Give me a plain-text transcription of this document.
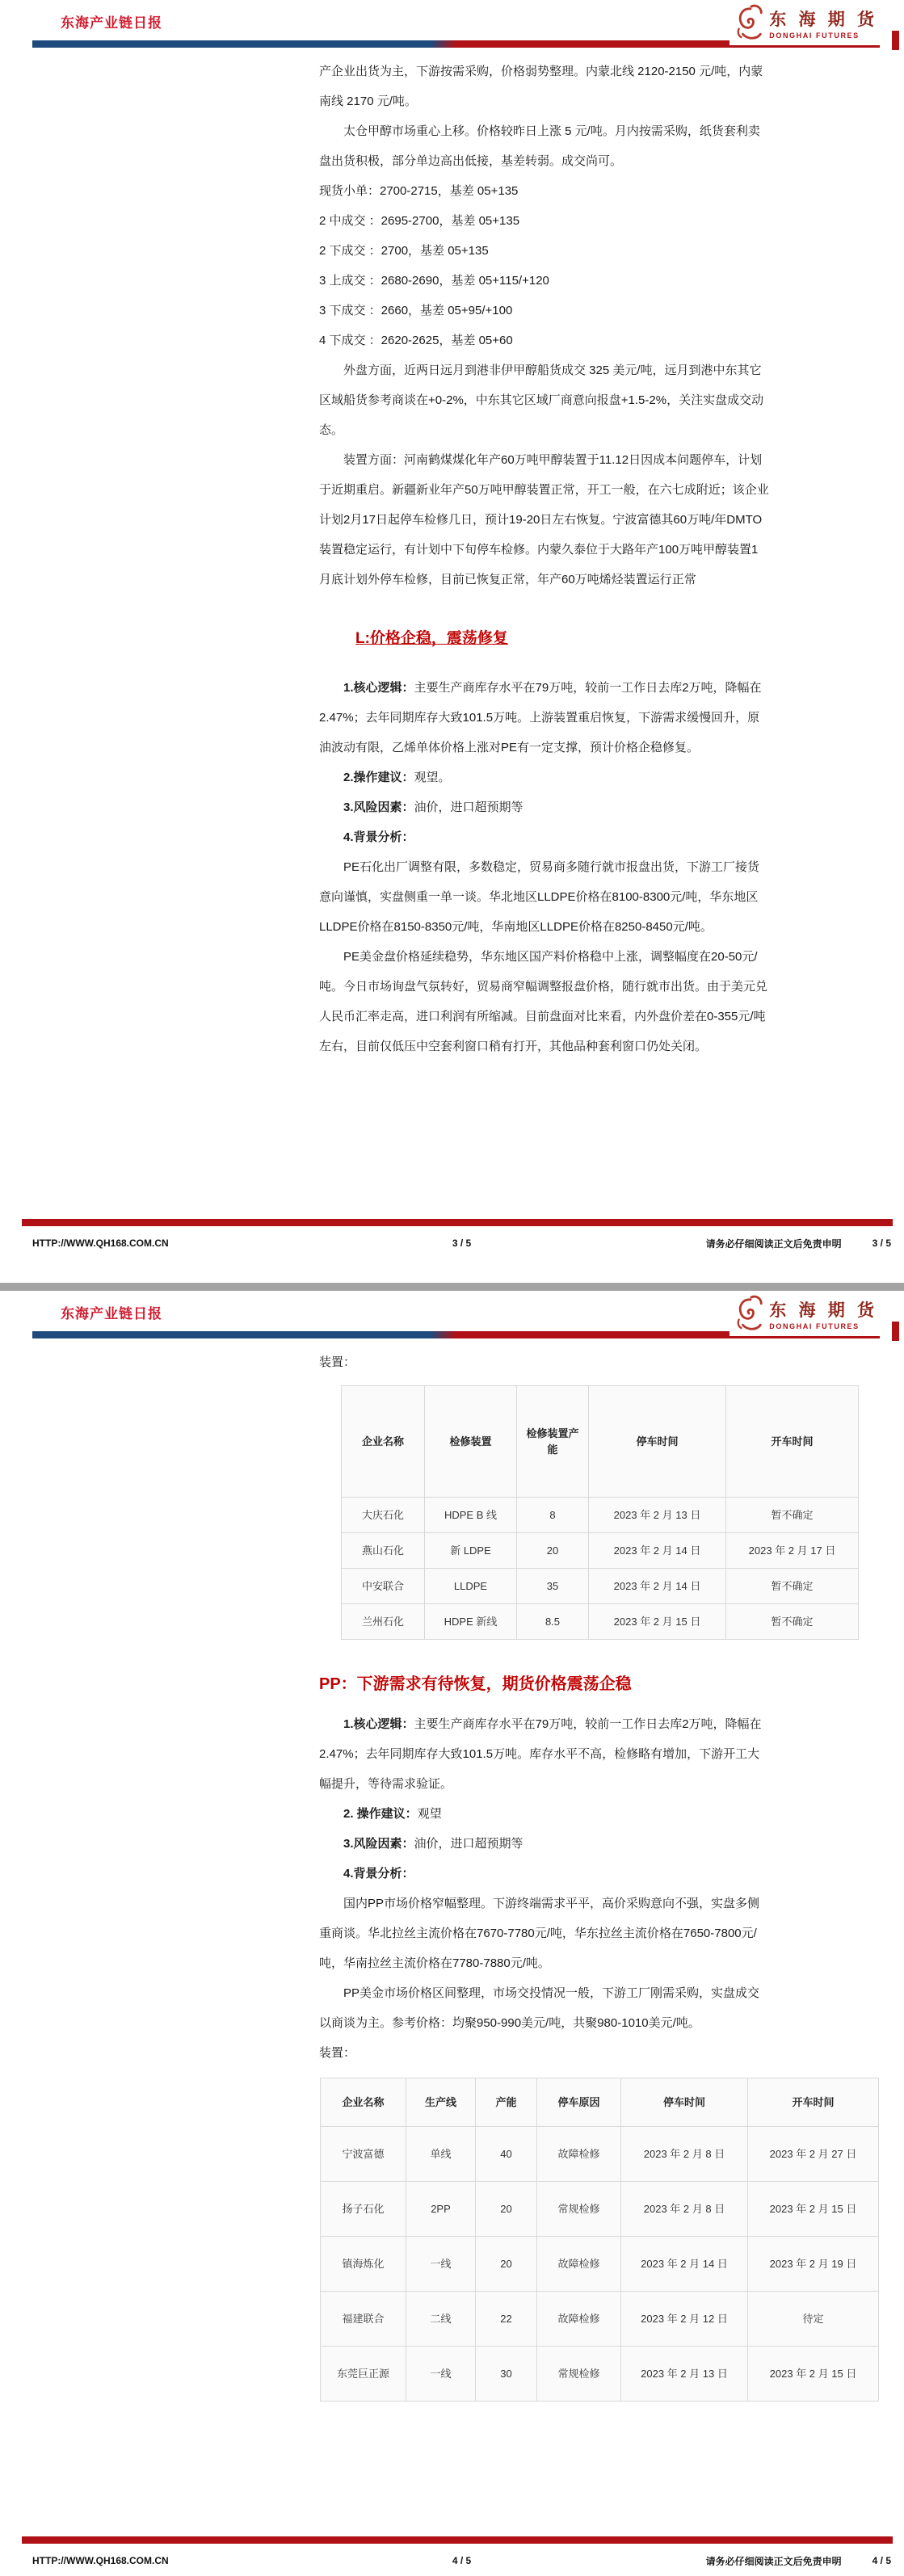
东海产业链日报	东 海 期 货
DONGHAI FUTURES

产企业出货为主，下游按需采购，价格弱势整理。内蒙北线 2120-2150 元/吨，内蒙南线 2170 元/吨。

太仓甲醇市场重心上移。价格较昨日上涨 5 元/吨。月内按需采购，纸货套利卖盘出货积极，部分单边高出低接，基差转弱。成交尚可。

现货小单：2700-2715，基差 05+135

2 中成交 ：2695-2700，基差 05+135

2 下成交 ：2700，基差 05+135

3 上成交 ：2680-2690，基差 05+115/+120

3 下成交 ：2660，基差 05+95/+100

4 下成交 ：2620-2625，基差 05+60

外盘方面，近两日远月到港非伊甲醇船货成交 325 美元/吨，远月到港中东其它区域船货参考商谈在+0-2%，中东其它区域厂商意向报盘+1.5-2%，关注实盘成交动态。

装置方面：河南鹤煤煤化年产60万吨甲醇装置于11.12日因成本问题停车，计划于近期重启。新疆新业年产50万吨甲醇装置正常，开工一般，在六七成附近；该企业计划2月17日起停车检修几日，预计19-20日左右恢复。宁波富德其60万吨/年DMTO装置稳定运行，有计划中下旬停车检修。内蒙久泰位于大路年产100万吨甲醇装置1月底计划外停车检修，目前已恢复正常，年产60万吨烯烃装置运行正常

L:价格企稳，震荡修复

1.核心逻辑：主要生产商库存水平在79万吨，较前一工作日去库2万吨，降幅在2.47%；去年同期库存大致101.5万吨。上游装置重启恢复，下游需求缓慢回升，原油波动有限，乙烯单体价格上涨对PE有一定支撑，预计价格企稳修复。

2.操作建议：观望。

3.风险因素：油价，进口超预期等

4.背景分析：

PE石化出厂调整有限，多数稳定，贸易商多随行就市报盘出货，下游工厂接货意向谨慎，实盘侧重一单一谈。华北地区LLDPE价格在8100-8300元/吨，华东地区LLDPE价格在8150-8350元/吨，华南地区LLDPE价格在8250-8450元/吨。

PE美金盘价格延续稳势，华东地区国产料价格稳中上涨，调整幅度在20-50元/吨。今日市场询盘气氛转好，贸易商窄幅调整报盘价格，随行就市出货。由于美元兑人民币汇率走高，进口利润有所缩减。目前盘面对比来看，内外盘价差在0-355元/吨左右，目前仅低压中空套利窗口稍有打开，其他品种套利窗口仍处关闭。

HTTP://WWW.QH168.COM.CN	3 / 5	请务必仔细阅读正文后免责申明	3 / 5
东海产业链日报	东 海 期 货
DONGHAI FUTURES

装置：

企业名称	检修装置	检修装置产能	停车时间	开车时间
大庆石化	HDPE B 线	8	2023 年 2 月 13 日	暂不确定
燕山石化	新 LDPE	20	2023 年 2 月 14 日	2023 年 2 月 17 日
中安联合	LLDPE	35	2023 年 2 月 14 日	暂不确定
兰州石化	HDPE 新线	8.5	2023 年 2 月 15 日	暂不确定
PP：下游需求有待恢复，期货价格震荡企稳

1.核心逻辑：主要生产商库存水平在79万吨，较前一工作日去库2万吨，降幅在2.47%；去年同期库存大致101.5万吨。库存水平不高，检修略有增加，下游开工大幅提升，等待需求验证。

2. 操作建议：观望

3.风险因素：油价，进口超预期等

4.背景分析：

国内PP市场价格窄幅整理。下游终端需求平平，高价采购意向不强，实盘多侧重商谈。华北拉丝主流价格在7670-7780元/吨，华东拉丝主流价格在7650-7800元/吨，华南拉丝主流价格在7780-7880元/吨。

PP美金市场价格区间整理，市场交投情况一般，下游工厂刚需采购，实盘成交以商谈为主。参考价格：均聚950-990美元/吨，共聚980-1010美元/吨。

装置：

企业名称	生产线	产能	停车原因	停车时间	开车时间
宁波富德	单线	40	故障检修	2023 年 2 月 8 日	2023 年 2 月 27 日
扬子石化	2PP	20	常规检修	2023 年 2 月 8 日	2023 年 2 月 15 日
镇海炼化	一线	20	故障检修	2023 年 2 月 14 日	2023 年 2 月 19 日
福建联合	二线	22	故障检修	2023 年 2 月 12 日	待定
东莞巨正源	一线	30	常规检修	2023 年 2 月 13 日	2023 年 2 月 15 日
HTTP://WWW.QH168.COM.CN	4 / 5	请务必仔细阅读正文后免责申明	4 / 5
